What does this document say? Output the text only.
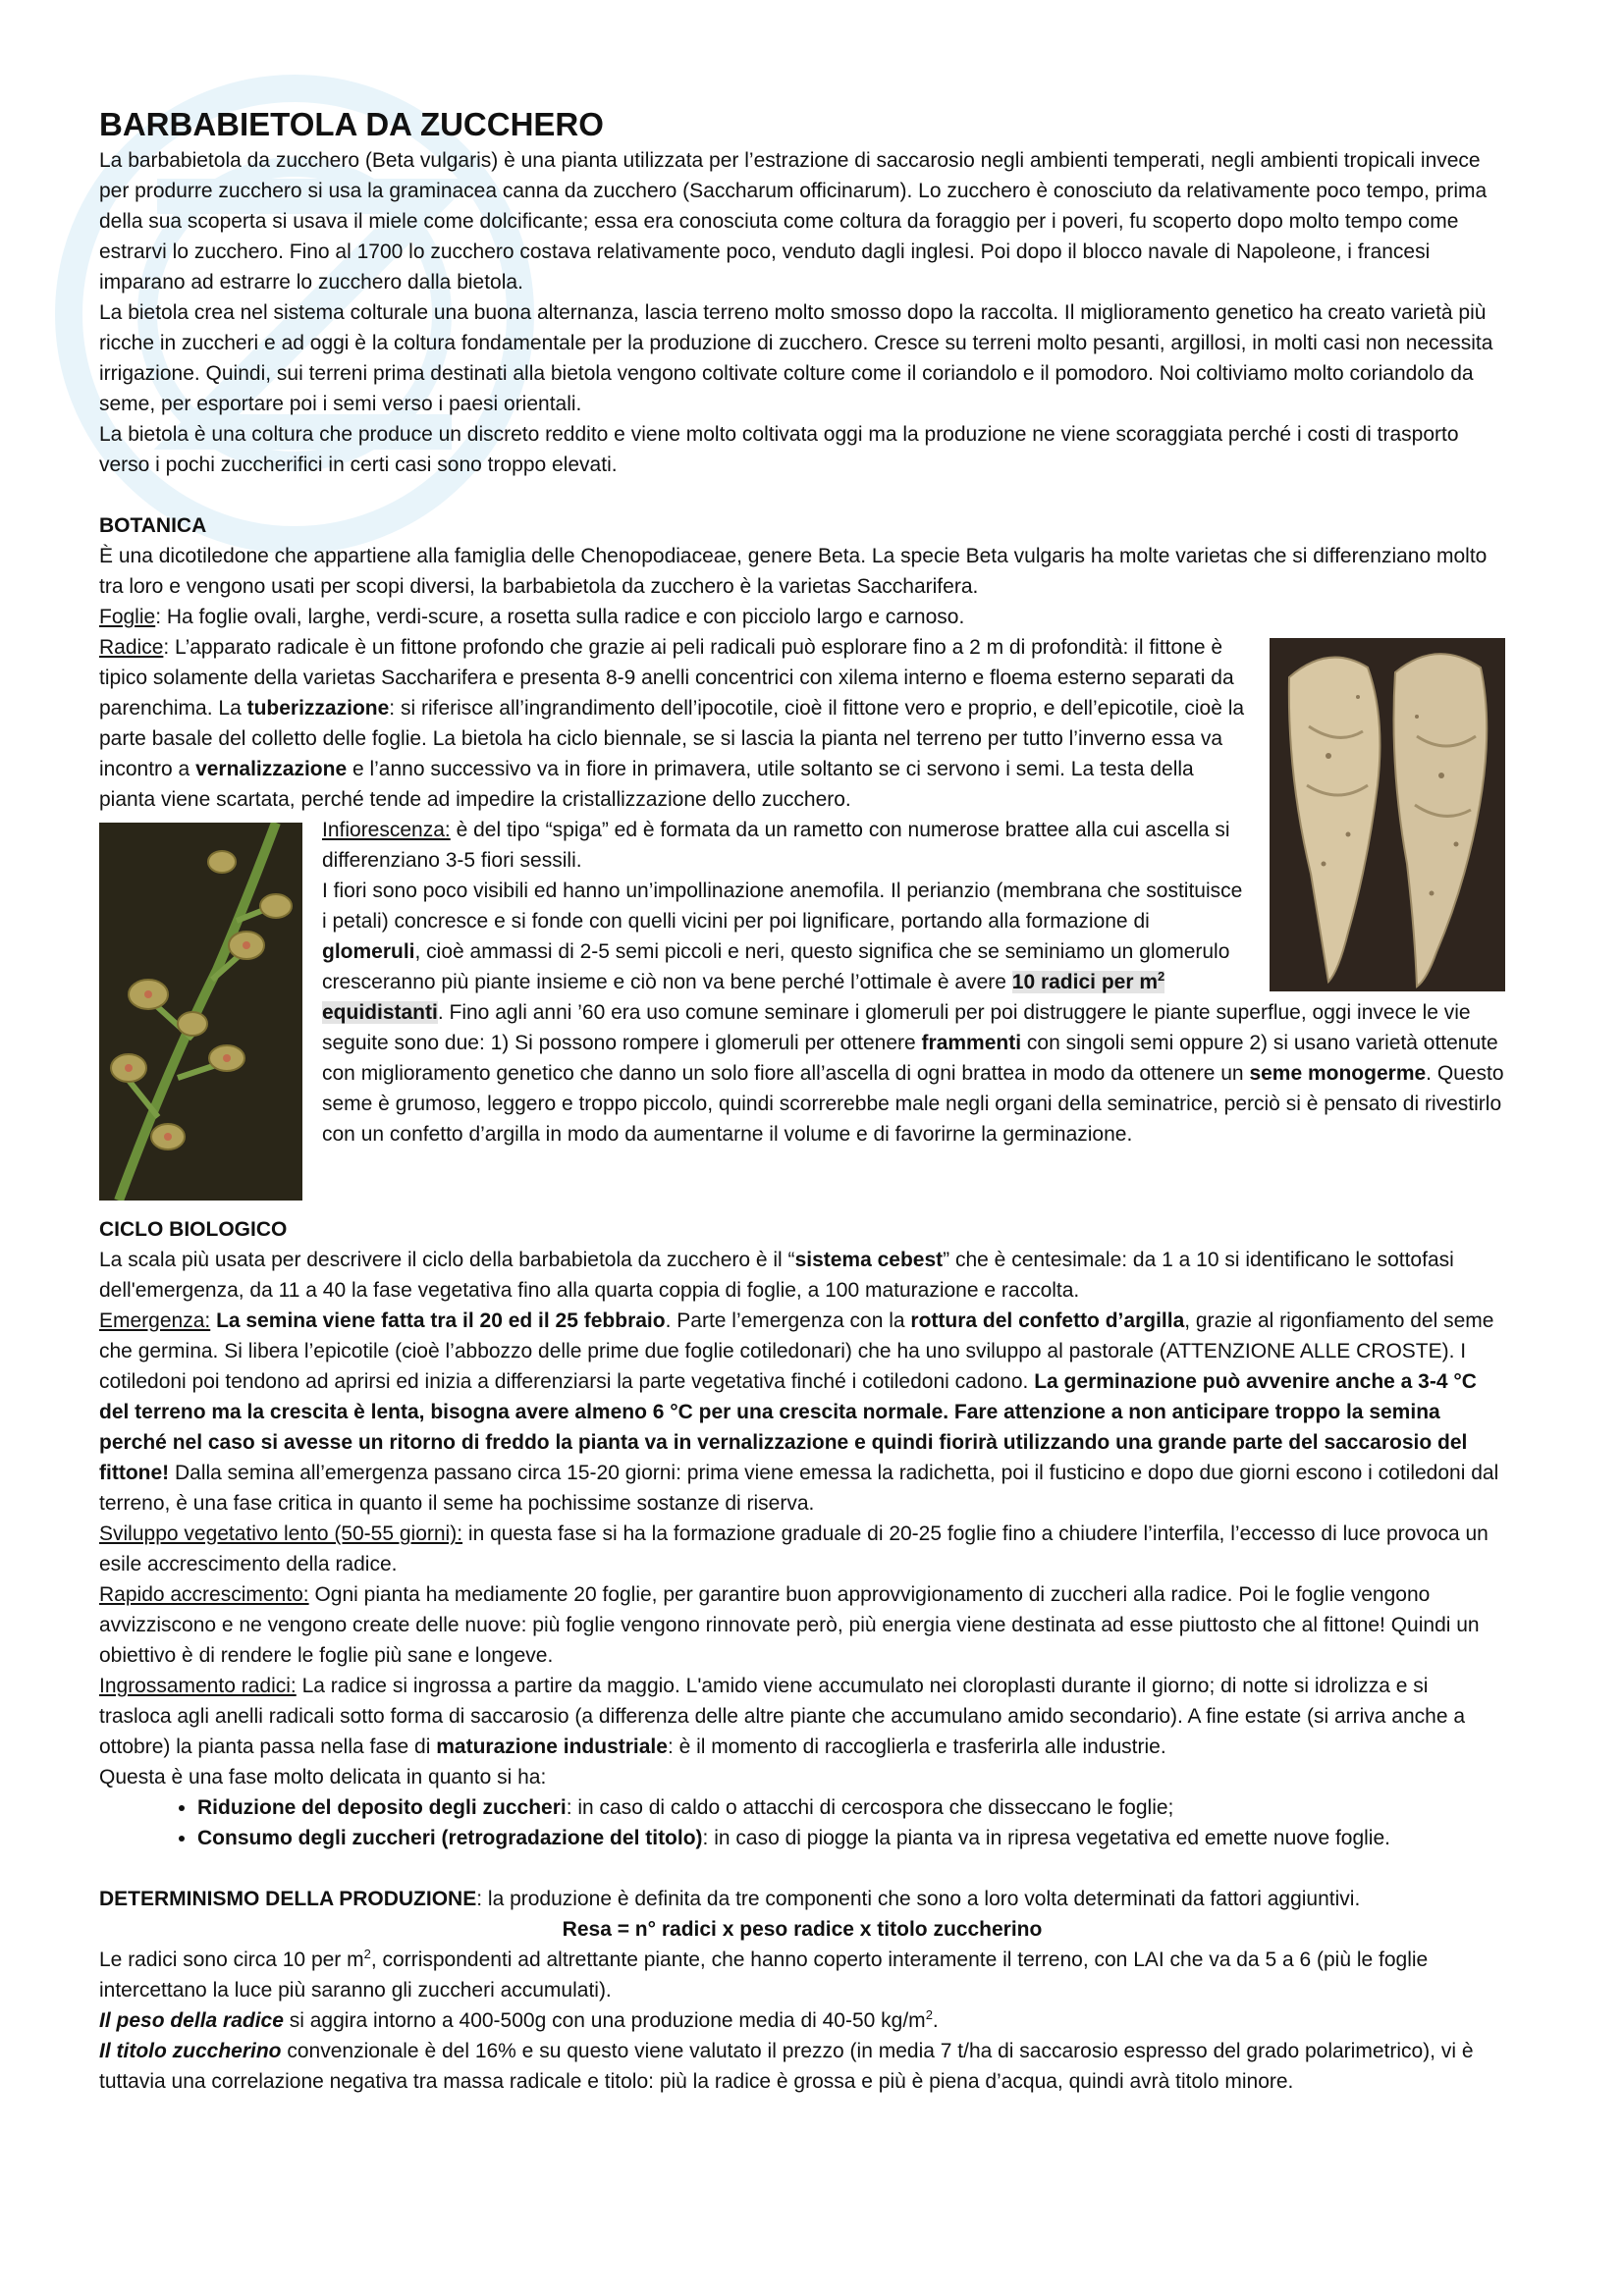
BARBABIETOLA DA ZUCCHERO

La barbabietola da zucchero (Beta vulgaris) è una pianta utilizzata per l’estrazione di saccarosio negli ambienti temperati, negli ambienti tropicali invece per produrre zucchero si usa la graminacea canna da zucchero (Saccharum officinarum). Lo zucchero è conosciuto da relativamente poco tempo, prima della sua scoperta si usava il miele come dolcificante; essa era conosciuta come coltura da foraggio per i poveri, fu scoperto dopo molto tempo come estrarvi lo zucchero. Fino al 1700 lo zucchero costava relativamente poco, venduto dagli inglesi. Poi dopo il blocco navale di Napoleone, i francesi imparano ad estrarre lo zucchero dalla bietola.

La bietola crea nel sistema colturale una buona alternanza, lascia terreno molto smosso dopo la raccolta. Il miglioramento genetico ha creato varietà più ricche in zuccheri e ad oggi è la coltura fondamentale per la produzione di zucchero. Cresce su terreni molto pesanti, argillosi, in molti casi non necessita irrigazione. Quindi, sui terreni prima destinati alla bietola vengono coltivate colture come il coriandolo e il pomodoro. Noi coltiviamo molto coriandolo da seme, per esportare poi i semi verso i paesi orientali.

La bietola è una coltura che produce un discreto reddito e viene molto coltivata oggi ma la produzione ne viene scoraggiata perché i costi di trasporto verso i pochi zuccherifici in certi casi sono troppo elevati.

BOTANICA

È una dicotiledone che appartiene alla famiglia delle Chenopodiaceae, genere Beta. La specie Beta vulgaris ha molte varietas che si differenziano molto tra loro e vengono usati per scopi diversi, la barbabietola da zucchero è la varietas Saccharifera.

Foglie: Ha foglie ovali, larghe, verdi-scure, a rosetta sulla radice e con picciolo largo e carnoso.

Radice: L’apparato radicale è un fittone profondo che grazie ai peli radicali può esplorare fino a 2 m di profondità: il fittone è tipico solamente della varietas Saccharifera e presenta 8-9 anelli concentrici con xilema interno e floema esterno separati da parenchima. La tuberizzazione: si riferisce all’ingrandimento dell’ipocotile, cioè il fittone vero e proprio, e dell’epicotile, cioè la parte basale del colletto delle foglie. La bietola ha ciclo biennale, se si lascia la pianta nel terreno per tutto l’inverno essa va incontro a vernalizzazione e l’anno successivo va in fiore in primavera, utile soltanto se ci servono i semi. La testa della pianta viene scartata, perché tende ad impedire la cristallizzazione dello zucchero.

Infiorescenza: è del tipo “spiga” ed è formata da un rametto con numerose brattee alla cui ascella si differenziano 3-5 fiori sessili.

I fiori sono poco visibili ed hanno un’impollinazione anemofila. Il perianzio (membrana che sostituisce i petali) concresce e si fonde con quelli vicini per poi lignificare, portando alla formazione di glomeruli, cioè ammassi di 2-5 semi piccoli e neri, questo significa che se seminiamo un glomerulo cresceranno più piante insieme e ciò non va bene perché l’ottimale è avere 10 radici per $m^2$ equidistanti. Fino agli anni ’60 era uso comune seminare i glomeruli per poi distruggere le piante superflue, oggi invece le vie seguite sono due: 1) Si possono rompere i glomeruli per ottenere frammenti con singoli semi oppure 2) si usano varietà ottenute con miglioramento genetico che danno un solo fiore all’ascella di ogni brattea in modo da ottenere un seme monogerme. Questo seme è grumoso, leggero e troppo piccolo, quindi scorrerebbe male negli organi della seminatrice, perciò si è pensato di rivestirlo con un confetto d’argilla in modo da aumentarne il volume e di favorirne la germinazione.

CICLO BIOLOGICO

La scala più usata per descrivere il ciclo della barbabietola da zucchero è il “sistema cebest” che è centesimale: da 1 a 10 si identificano le sottofasi dell'emergenza, da 11 a 40 la fase vegetativa fino alla quarta coppia di foglie, a 100 maturazione e raccolta.

Emergenza: La semina viene fatta tra il 20 ed il 25 febbraio. Parte l’emergenza con la rottura del confetto d’argilla, grazie al rigonfiamento del seme che germina. Si libera l’epicotile (cioè l’abbozzo delle prime due foglie cotiledonari) che ha uno sviluppo al pastorale (ATTENZIONE ALLE CROSTE). I cotiledoni poi tendono ad aprirsi ed inizia a differenziarsi la parte vegetativa finché i cotiledoni cadono. La germinazione può avvenire anche a 3-4 °C del terreno ma la crescita è lenta, bisogna avere almeno 6 °C per una crescita normale. Fare attenzione a non anticipare troppo la semina perché nel caso si avesse un ritorno di freddo la pianta va in vernalizzazione e quindi fiorirà utilizzando una grande parte del saccarosio del fittone! Dalla semina all’emergenza passano circa 15-20 giorni: prima viene emessa la radichetta, poi il fusticino e dopo due giorni escono i cotiledoni dal terreno, è una fase critica in quanto il seme ha pochissime sostanze di riserva.

Sviluppo vegetativo lento (50-55 giorni): in questa fase si ha la formazione graduale di 20-25 foglie fino a chiudere l’interfila, l’eccesso di luce provoca un esile accrescimento della radice.

Rapido accrescimento: Ogni pianta ha mediamente 20 foglie, per garantire buon approvvigionamento di zuccheri alla radice. Poi le foglie vengono avvizziscono e ne vengono create delle nuove: più foglie vengono rinnovate però, più energia viene destinata ad esse piuttosto che al fittone! Quindi un obiettivo è di rendere le foglie più sane e longeve.

Ingrossamento radici: La radice si ingrossa a partire da maggio. L'amido viene accumulato nei cloroplasti durante il giorno; di notte si idrolizza e si trasloca agli anelli radicali sotto forma di saccarosio (a differenza delle altre piante che accumulano amido secondario). A fine estate (si arriva anche a ottobre) la pianta passa nella fase di maturazione industriale: è il momento di raccoglierla e trasferirla alle industrie.

Questa è una fase molto delicata in quanto si ha:

• Riduzione del deposito degli zuccheri: in caso di caldo o attacchi di cercospora che disseccano le foglie;
• Consumo degli zuccheri (retrogradazione del titolo): in caso di piogge la pianta va in ripresa vegetativa ed emette nuove foglie.

DETERMINISMO DELLA PRODUZIONE: la produzione è definita da tre componenti che sono a loro volta determinati da fattori aggiuntivi.

Resa = n° radici x peso radice x titolo zuccherino

Le radici sono circa 10 per $m^2$, corrispondenti ad altrettante piante, che hanno coperto interamente il terreno, con LAI che va da 5 a 6 (più le foglie intercettano la luce più saranno gli zuccheri accumulati).

Il peso della radice si aggira intorno a 400-500g con una produzione media di 40-50 $kg/m^2$.

Il titolo zuccherino convenzionale è del 16% e su questo viene valutato il prezzo (in media 7 t/ha di saccarosio espresso del grado polarimetrico), vi è tuttavia una correlazione negativa tra massa radicale e titolo: più la radice è grossa e più è piena d’acqua, quindi avrà titolo minore.
